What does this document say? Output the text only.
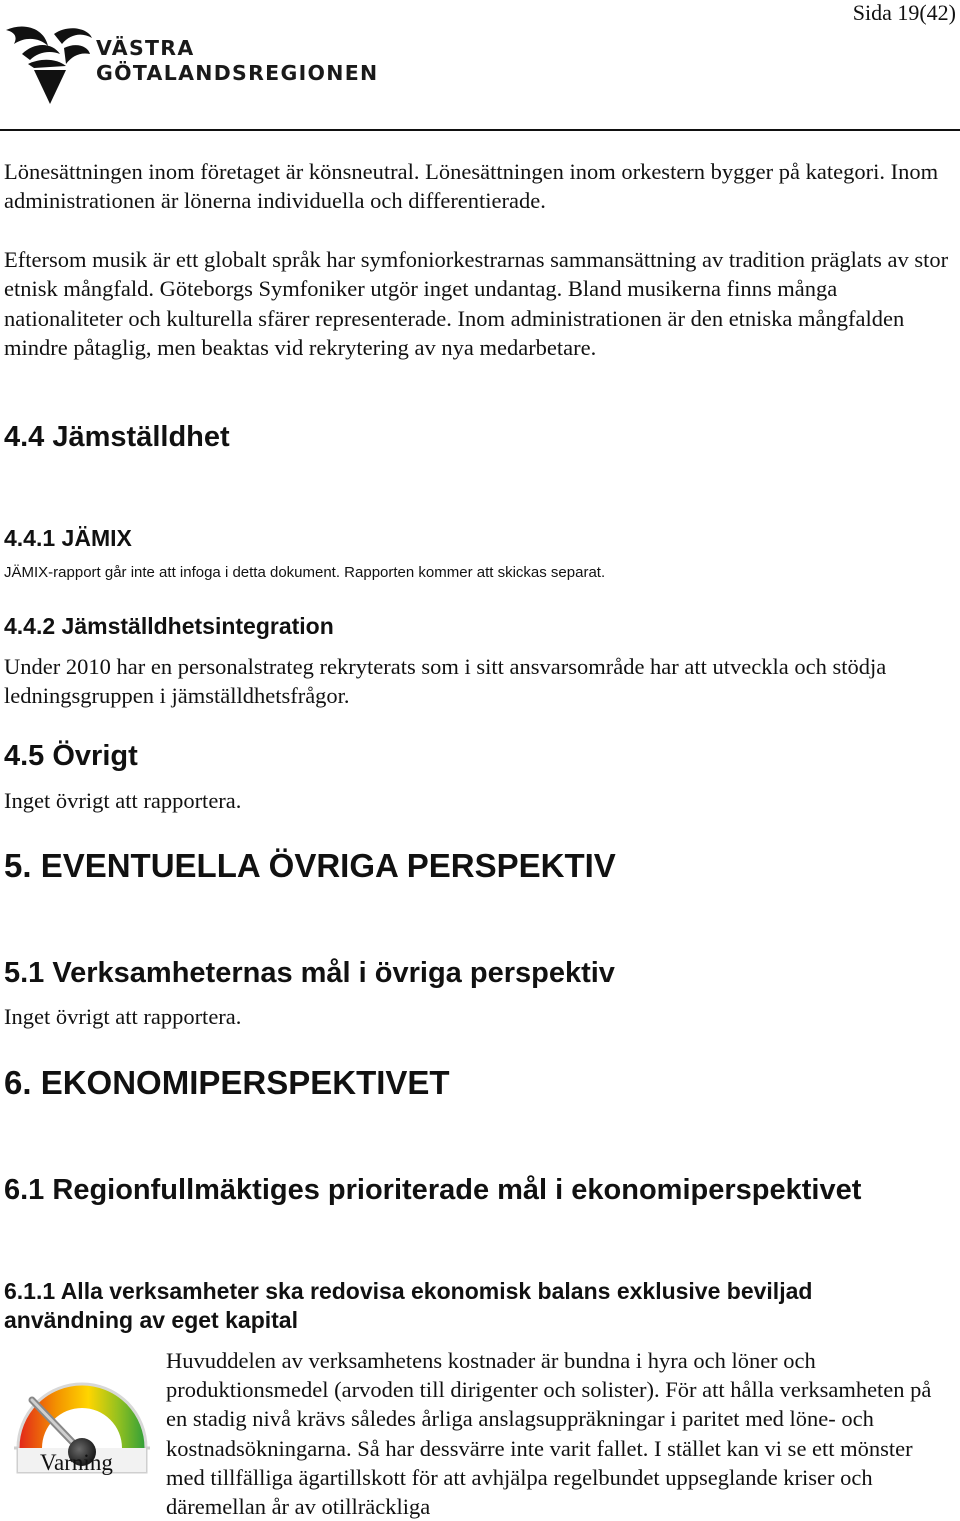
Sida 19(42)
VÄSTRA
GÖTALANDSREGIONEN

Lönesättningen inom företaget är könsneutral. Lönesättningen inom orkestern bygger på kategori. Inom administrationen är lönerna individuella och differentierade.

Eftersom musik är ett globalt språk har symfoniorkestrarnas sammansättning av tradition präglats av stor etnisk mångfald. Göteborgs Symfoniker utgör inget undantag. Bland musikerna finns många nationaliteter och kulturella sfärer representerade. Inom administrationen är den etniska mångfalden mindre påtaglig, men beaktas vid rekrytering av nya medarbetare.

4.4 Jämställdhet
4.4.1 JÄMIX

JÄMIX-rapport går inte att infoga i detta dokument. Rapporten kommer att skickas separat.

4.4.2 Jämställdhetsintegration

Under 2010 har en personalstrateg rekryterats som i sitt ansvarsområde har att utveckla och stödja ledningsgruppen i jämställdhetsfrågor.

4.5 Övrigt

Inget övrigt att rapportera.

5. EVENTUELLA ÖVRIGA PERSPEKTIV
5.1 Verksamheternas mål i övriga perspektiv

Inget övrigt att rapportera.

6. EKONOMIPERSPEKTIVET
6.1 Regionfullmäktiges prioriterade mål i ekonomiperspektivet
6.1.1 Alla verksamheter ska redovisa ekonomisk balans exklusive beviljad användning av eget kapital
Varning

Huvuddelen av verksamhetens kostnader är bundna i hyra och löner och produktionsmedel (arvoden till dirigenter och solister). För att hålla verksamheten på en stadig nivå krävs således årliga anslagsuppräkningar i paritet med löne- och kostnadsökningarna. Så har dessvärre inte varit fallet. I stället kan vi se ett mönster med tillfälliga ägartillskott för att avhjälpa regelbundet uppseglande kriser och däremellan år av otillräckliga
